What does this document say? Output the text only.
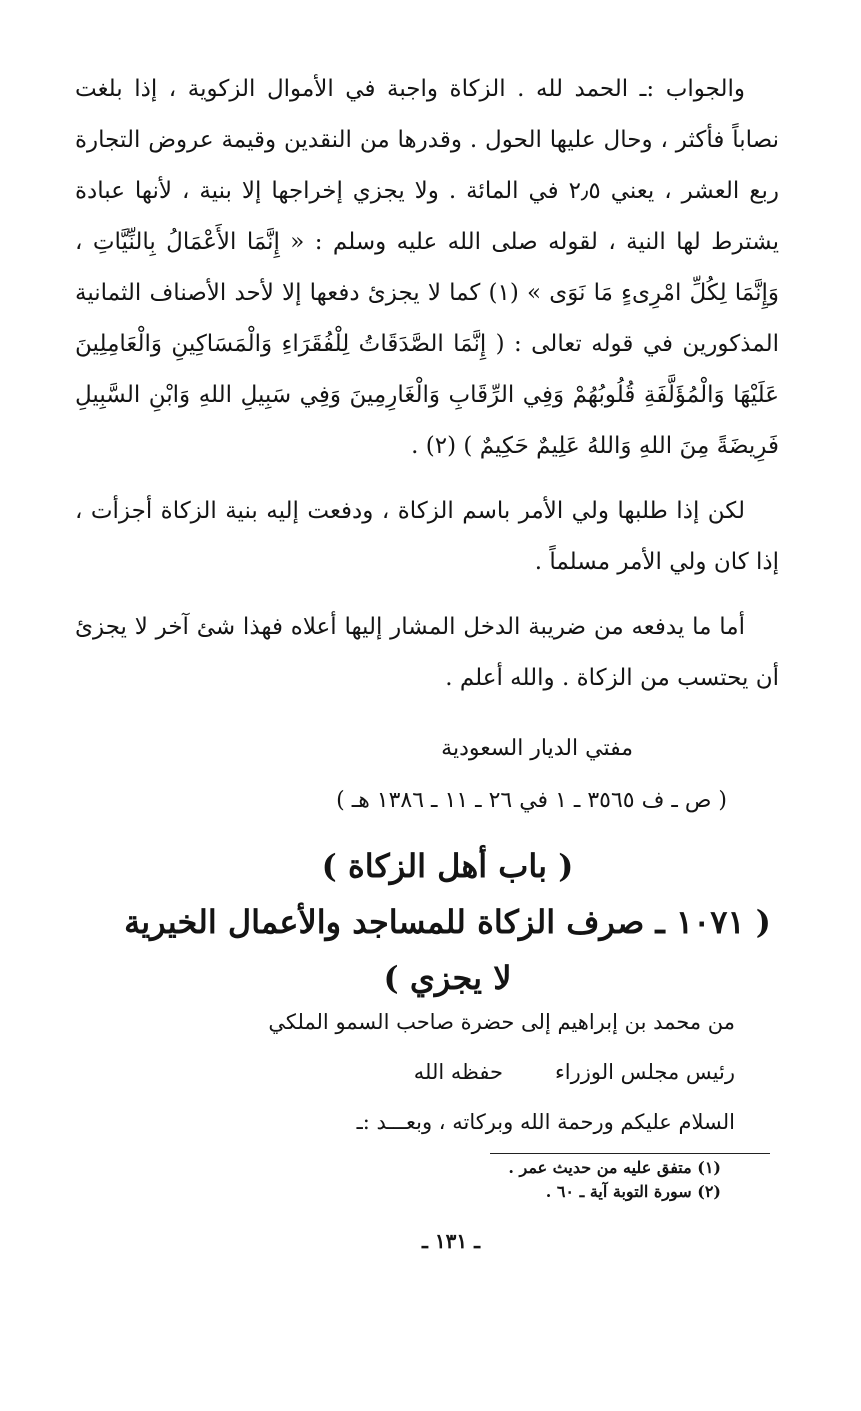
والجواب :ـ الحمد لله . الزكاة واجبة في الأموال الزكوية ، إذا بلغت نصاباً فأكثر ، وحال عليها الحول . وقدرها من النقدين وقيمة عروض التجارة ربع العشر ، يعني ٢٫٥ في المائة . ولا يجزي إخراجها إلا بنية ، لأنها عبادة يشترط لها النية ، لقوله صلى الله عليه وسلم : « إِنَّمَا الأَعْمَالُ بِالنِّيَّاتِ ، وَإِنَّمَا لِكُلِّ امْرِىءٍ مَا نَوَى » (١) كما لا يجزئ دفعها إلا لأحد الأصناف الثمانية المذكورين في قوله تعالى : ( إِنَّمَا الصَّدَقَاتُ لِلْفُقَرَاءِ وَالْمَسَاكِينِ وَالْعَامِلِينَ عَلَيْهَا وَالْمُؤَلَّفَةِ قُلُوبُهُمْ وَفِي الرِّقَابِ وَالْغَارِمِينَ وَفِي سَبِيلِ اللهِ وَابْنِ السَّبِيلِ فَرِيضَةً مِنَ اللهِ وَاللهُ عَلِيمٌ حَكِيمٌ ) (٢) .

لكن إذا طلبها ولي الأمر باسم الزكاة ، ودفعت إليه بنية الزكاة أجزأت ، إذا كان ولي الأمر مسلماً .

أما ما يدفعه من ضريبة الدخل المشار إليها أعلاه فهذا شئ آخر لا يجزئ أن يحتسب من الزكاة . والله أعلم .

مفتي الديار السعودية
( ص ـ ف ٣٥٦٥ ـ ١ في ٢٦ ـ ١١ ـ ١٣٨٦ هـ )
( باب أهل الزكاة )
( ١٠٧١ ـ صرف الزكاة للمساجد والأعمال الخيرية
لا يجزي )
من محمد بن إبراهيم إلى حضرة صاحب السمو الملكي
رئيس مجلس الوزراء
حفظه الله
السلام عليكم ورحمة الله وبركاته ، وبعـــد :ـ
(١) متفق عليه من حديث عمر .
(٢) سورة التوبة آية ـ ٦٠ .
ـ ١٣١ ـ
